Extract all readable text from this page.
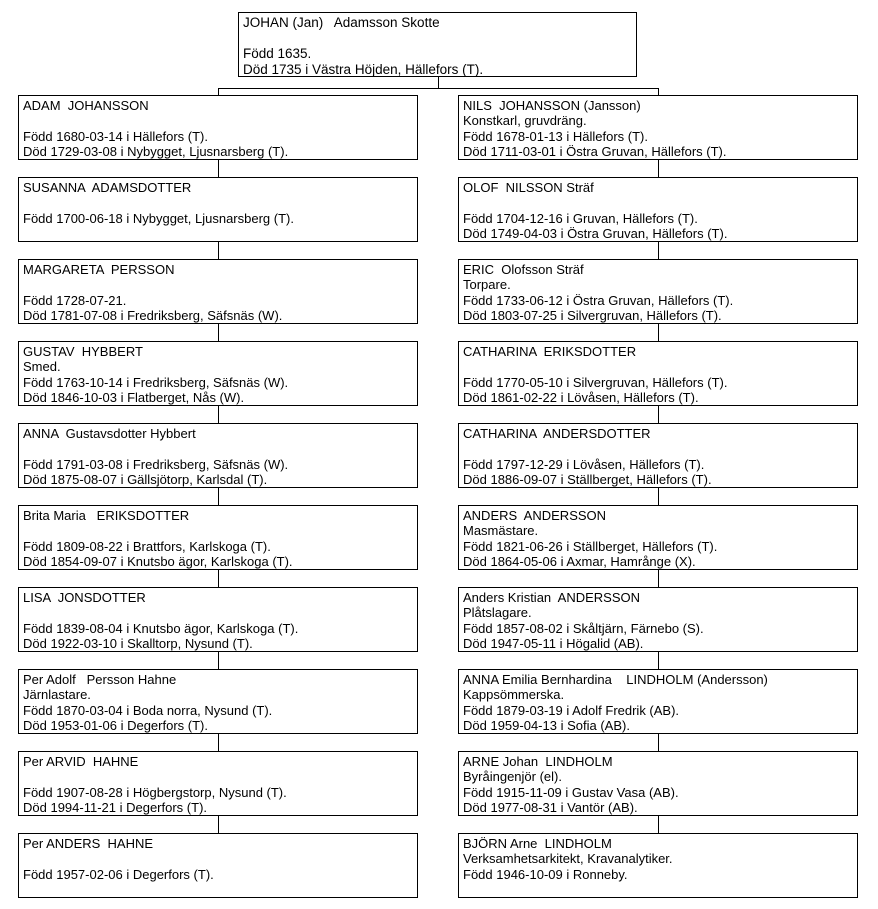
JOHAN (Jan)   Adamsson Skotte
Född 1635.
Död 1735 i Västra Höjden, Hällefors (T).
ADAM  JOHANSSON
Född 1680-03-14 i Hällefors (T).
Död 1729-03-08 i Nybygget, Ljusnarsberg (T).
SUSANNA  ADAMSDOTTER
Född 1700-06-18 i Nybygget, Ljusnarsberg (T).
MARGARETA  PERSSON
Född 1728-07-21.
Död 1781-07-08 i Fredriksberg, Säfsnäs (W).
GUSTAV  HYBBERT
Smed.
Född 1763-10-14 i Fredriksberg, Säfsnäs (W).
Död 1846-10-03 i Flatberget, Nås (W).
ANNA  Gustavsdotter Hybbert
Född 1791-03-08 i Fredriksberg, Säfsnäs (W).
Död 1875-08-07 i Gällsjötorp, Karlsdal (T).
Brita Maria   ERIKSDOTTER
Född 1809-08-22 i Brattfors, Karlskoga (T).
Död 1854-09-07 i Knutsbo ägor, Karlskoga (T).
LISA  JONSDOTTER
Född 1839-08-04 i Knutsbo ägor, Karlskoga (T).
Död 1922-03-10 i Skalltorp, Nysund (T).
Per Adolf   Persson Hahne
Järnlastare.
Född 1870-03-04 i Boda norra, Nysund (T).
Död 1953-01-06 i Degerfors (T).
Per ARVID  HAHNE
Född 1907-08-28 i Högbergstorp, Nysund (T).
Död 1994-11-21 i Degerfors (T).
Per ANDERS  HAHNE
Född 1957-02-06 i Degerfors (T).
NILS  JOHANSSON (Jansson)
Konstkarl, gruvdräng.
Född 1678-01-13 i Hällefors (T).
Död 1711-03-01 i Östra Gruvan, Hällefors (T).
OLOF  NILSSON Sträf
Född 1704-12-16 i Gruvan, Hällefors (T).
Död 1749-04-03 i Östra Gruvan, Hällefors (T).
ERIC  Olofsson Sträf
Torpare.
Född 1733-06-12 i Östra Gruvan, Hällefors (T).
Död 1803-07-25 i Silvergruvan, Hällefors (T).
CATHARINA  ERIKSDOTTER
Född 1770-05-10 i Silvergruvan, Hällefors (T).
Död 1861-02-22 i Lövåsen, Hällefors (T).
CATHARINA  ANDERSDOTTER
Född 1797-12-29 i Lövåsen, Hällefors (T).
Död 1886-09-07 i Ställberget, Hällefors (T).
ANDERS  ANDERSSON
Masmästare.
Född 1821-06-26 i Ställberget, Hällefors (T).
Död 1864-05-06 i Axmar, Hamrånge (X).
Anders Kristian  ANDERSSON
Plåtslagare.
Född 1857-08-02 i Skåltjärn, Färnebo (S).
Död 1947-05-11 i Högalid (AB).
ANNA Emilia Bernhardina    LINDHOLM (Andersson)
Kappsömmerska.
Född 1879-03-19 i Adolf Fredrik (AB).
Död 1959-04-13 i Sofia (AB).
ARNE Johan  LINDHOLM
Byråingenjör (el).
Född 1915-11-09 i Gustav Vasa (AB).
Död 1977-08-31 i Vantör (AB).
BJÖRN Arne  LINDHOLM
Verksamhetsarkitekt, Kravanalytiker.
Född 1946-10-09 i Ronneby.
